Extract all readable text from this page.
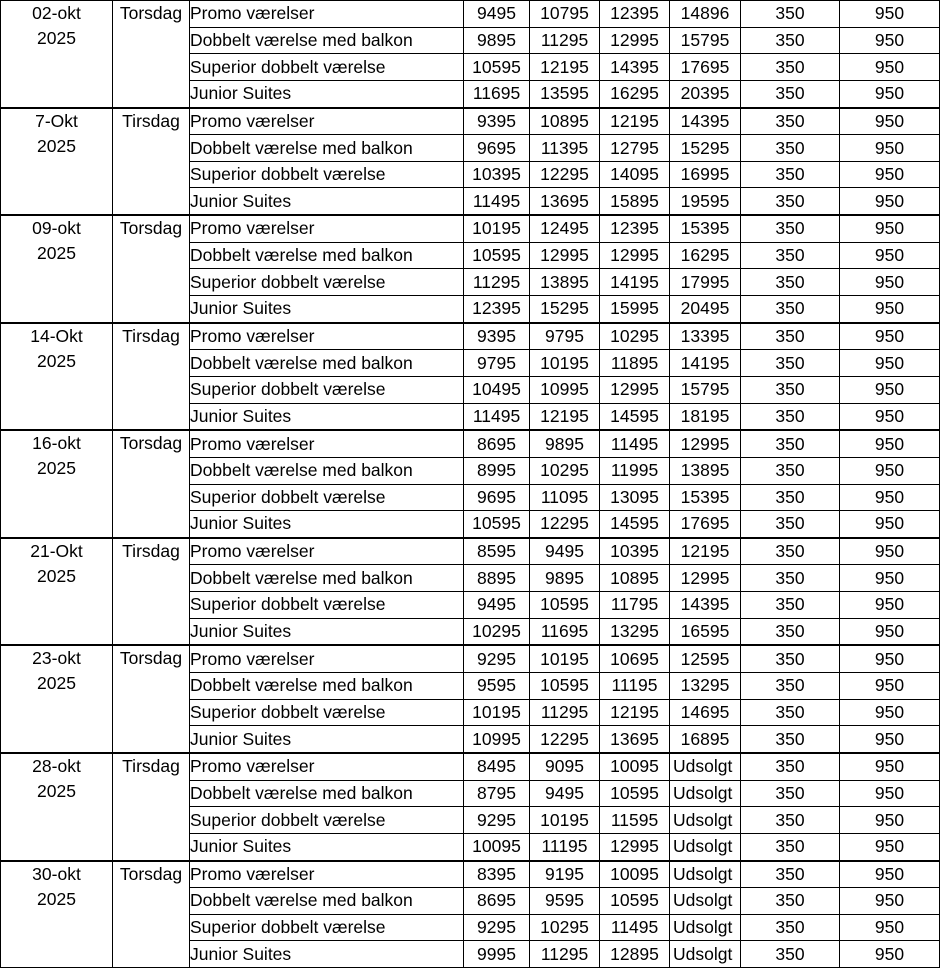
02-okt
2025	Torsdag	Promo værelser	9495	10795	12395	14896	350	950
		Dobbelt værelse med balkon	9895	11295	12995	15795	350	950
		Superior dobbelt værelse	10595	12195	14395	17695	350	950
		Junior Suites	11695	13595	16295	20395	350	950

7-Okt
2025	Tirsdag	Promo værelser	9395	10895	12195	14395	350	950
		Dobbelt værelse med balkon	9695	11395	12795	15295	350	950
		Superior dobbelt værelse	10395	12295	14095	16995	350	950
		Junior Suites	11495	13695	15895	19595	350	950

09-okt
2025	Torsdag	Promo værelser	10195	12495	12395	15395	350	950
		Dobbelt værelse med balkon	10595	12995	12995	16295	350	950
		Superior dobbelt værelse	11295	13895	14195	17995	350	950
		Junior Suites	12395	15295	15995	20495	350	950

14-Okt
2025	Tirsdag	Promo værelser	9395	9795	10295	13395	350	950
		Dobbelt værelse med balkon	9795	10195	11895	14195	350	950
		Superior dobbelt værelse	10495	10995	12995	15795	350	950
		Junior Suites	11495	12195	14595	18195	350	950

16-okt
2025	Torsdag	Promo værelser	8695	9895	11495	12995	350	950
		Dobbelt værelse med balkon	8995	10295	11995	13895	350	950
		Superior dobbelt værelse	9695	11095	13095	15395	350	950
		Junior Suites	10595	12295	14595	17695	350	950

21-Okt
2025	Tirsdag	Promo værelser	8595	9495	10395	12195	350	950
		Dobbelt værelse med balkon	8895	9895	10895	12995	350	950
		Superior dobbelt værelse	9495	10595	11795	14395	350	950
		Junior Suites	10295	11695	13295	16595	350	950

23-okt
2025	Torsdag	Promo værelser	9295	10195	10695	12595	350	950
		Dobbelt værelse med balkon	9595	10595	11195	13295	350	950
		Superior dobbelt værelse	10195	11295	12195	14695	350	950
		Junior Suites	10995	12295	13695	16895	350	950

28-okt
2025	Tirsdag	Promo værelser	8495	9095	10095	Udsolgt	350	950
		Dobbelt værelse med balkon	8795	9495	10595	Udsolgt	350	950
		Superior dobbelt værelse	9295	10195	11595	Udsolgt	350	950
		Junior Suites	10095	11195	12995	Udsolgt	350	950

30-okt
2025	Torsdag	Promo værelser	8395	9195	10095	Udsolgt	350	950
		Dobbelt værelse med balkon	8695	9595	10595	Udsolgt	350	950
		Superior dobbelt værelse	9295	10295	11495	Udsolgt	350	950
		Junior Suites	9995	11295	12895	Udsolgt	350	950
